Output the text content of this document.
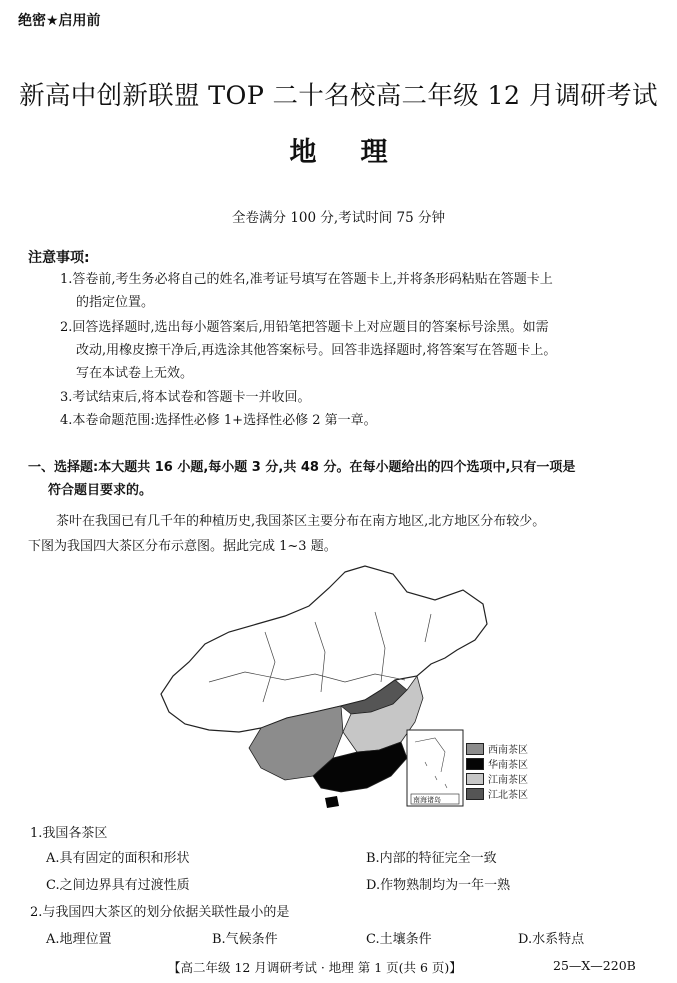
绝密★启用前
新高中创新联盟 TOP 二十名校高二年级 12 月调研考试
地理
全卷满分 100 分,考试时间 75 分钟
注意事项:
1.答卷前,考生务必将自己的姓名,准考证号填写在答题卡上,并将条形码粘贴在答题卡上
的指定位置。
2.回答选择题时,选出每小题答案后,用铅笔把答题卡上对应题目的答案标号涂黑。如需
改动,用橡皮擦干净后,再选涂其他答案标号。回答非选择题时,将答案写在答题卡上。
写在本试卷上无效。
3.考试结束后,将本试卷和答题卡一并收回。
4.本卷命题范围:选择性必修 1+选择性必修 2 第一章。
一、选择题:本大题共 16 小题,每小题 3 分,共 48 分。在每小题给出的四个选项中,只有一项是
符合题目要求的。
茶叶在我国已有几千年的种植历史,我国茶区主要分布在南方地区,北方地区分布较少。
下图为我国四大茶区分布示意图。据此完成 1~3 题。
南海诸岛
西南茶区
华南茶区
江南茶区
江北茶区
1.我国各茶区
A.具有固定的面积和形状	B.内部的特征完全一致
C.之间边界具有过渡性质	D.作物熟制均为一年一熟
2.与我国四大茶区的划分依据关联性最小的是
A.地理位置	B.气候条件	C.土壤条件	D.水系特点
【高二年级 12 月调研考试 · 地理 第 1 页(共 6 页)】	25—X—220B
